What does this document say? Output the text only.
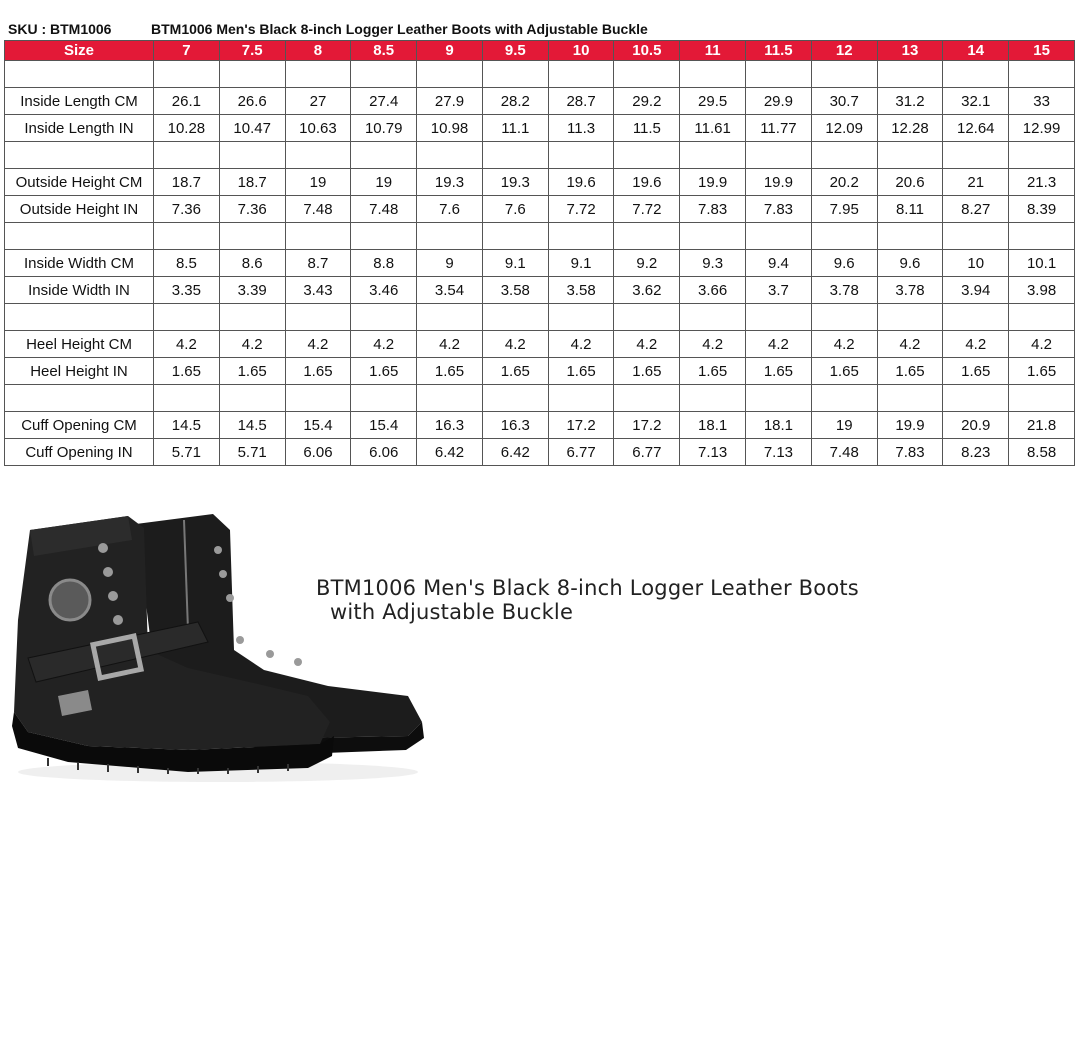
SKU : BTM1006	BTM1006 Men's Black 8-inch Logger Leather Boots with Adjustable Buckle
Size	7	7.5	8	8.5	9	9.5	10	10.5	11	11.5	12	13	14	15

Inside Length CM	26.1	26.6	27	27.4	27.9	28.2	28.7	29.2	29.5	29.9	30.7	31.2	32.1	33
Inside Length IN	10.28	10.47	10.63	10.79	10.98	11.1	11.3	11.5	11.61	11.77	12.09	12.28	12.64	12.99

Outside Height CM	18.7	18.7	19	19	19.3	19.3	19.6	19.6	19.9	19.9	20.2	20.6	21	21.3
Outside Height IN	7.36	7.36	7.48	7.48	7.6	7.6	7.72	7.72	7.83	7.83	7.95	8.11	8.27	8.39

Inside Width CM	8.5	8.6	8.7	8.8	9	9.1	9.1	9.2	9.3	9.4	9.6	9.6	10	10.1
Inside Width IN	3.35	3.39	3.43	3.46	3.54	3.58	3.58	3.62	3.66	3.7	3.78	3.78	3.94	3.98

Heel Height CM	4.2	4.2	4.2	4.2	4.2	4.2	4.2	4.2	4.2	4.2	4.2	4.2	4.2	4.2
Heel Height IN	1.65	1.65	1.65	1.65	1.65	1.65	1.65	1.65	1.65	1.65	1.65	1.65	1.65	1.65

Cuff Opening CM	14.5	14.5	15.4	15.4	16.3	16.3	17.2	17.2	18.1	18.1	19	19.9	20.9	21.8
Cuff Opening IN	5.71	5.71	6.06	6.06	6.42	6.42	6.77	6.77	7.13	7.13	7.48	7.83	8.23	8.58
BTM1006 Men's Black 8-inch Logger Leather Boots
with Adjustable Buckle
